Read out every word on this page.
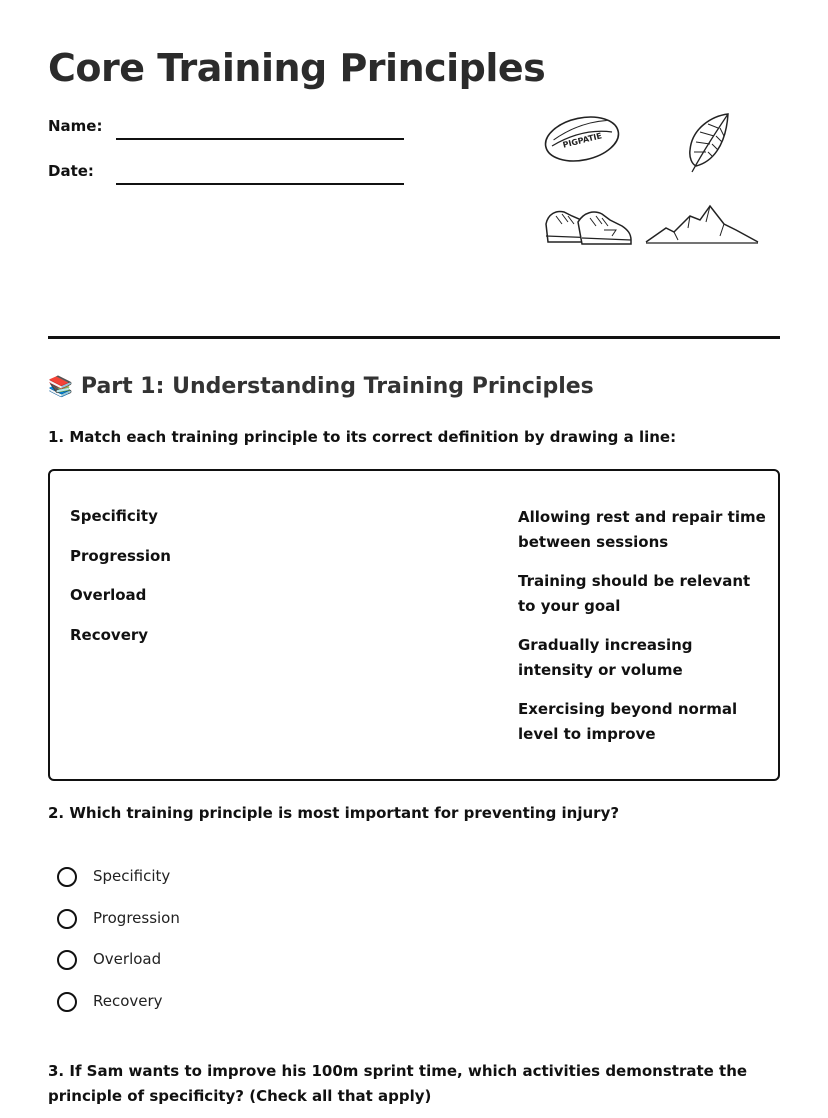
Core Training Principles
Name:
Date:
PIGPATIE
📚 Part 1: Understanding Training Principles

1. Match each training principle to its correct definition by drawing a line:

Specificity
Progression
Overload
Recovery
Allowing rest and repair time between sessions
Training should be relevant to your goal
Gradually increasing intensity or volume
Exercising beyond normal level to improve

2. Which training principle is most important for preventing injury?

Specificity
Progression
Overload
Recovery

3. If Sam wants to improve his 100m sprint time, which activities demonstrate the principle of specificity? (Check all that apply)
